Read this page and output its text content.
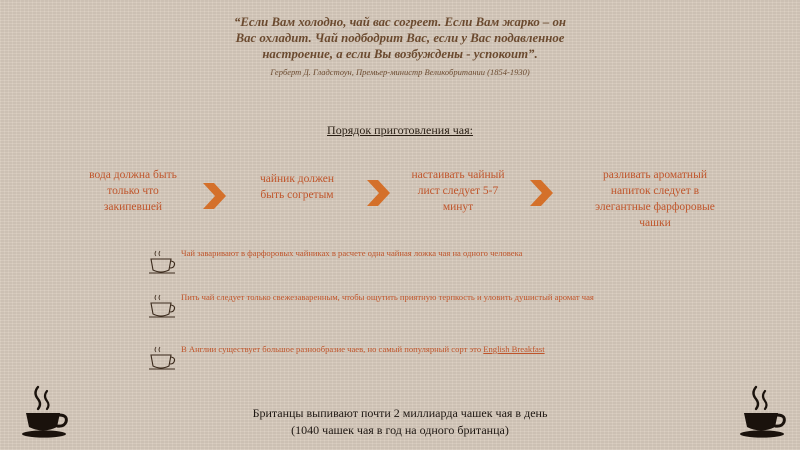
“Если Вам холодно, чай вас согреет. Если Вам жарко – он
Вас охладит. Чай подбодрит Вас, если у Вас подавленное
настроение, а если Вы возбуждены - успокоит”.
Герберт Д. Гладстоун, Премьер-министр Великобритании (1854-1930)
Порядок приготовления чая:
вода должна быть
только что
закипевшей
чайник должен
быть согретым
настаивать чайный
лист следует 5-7
минут
разливать ароматный
напиток следует в
элегантные фарфоровые
чашки
Чай заваривают в фарфоровых чайниках в расчете одна чайная ложка чая на одного человека
Пить чай следует только свежезаваренным, чтобы ощутить приятную терпкость и уловить душистый аромат чая
В Англии существует большое разнообразие чаев, но самый популярный сорт это English Breakfast
Британцы выпивают почти 2 миллиарда чашек чая в день
(1040 чашек чая в год на одного британца)
